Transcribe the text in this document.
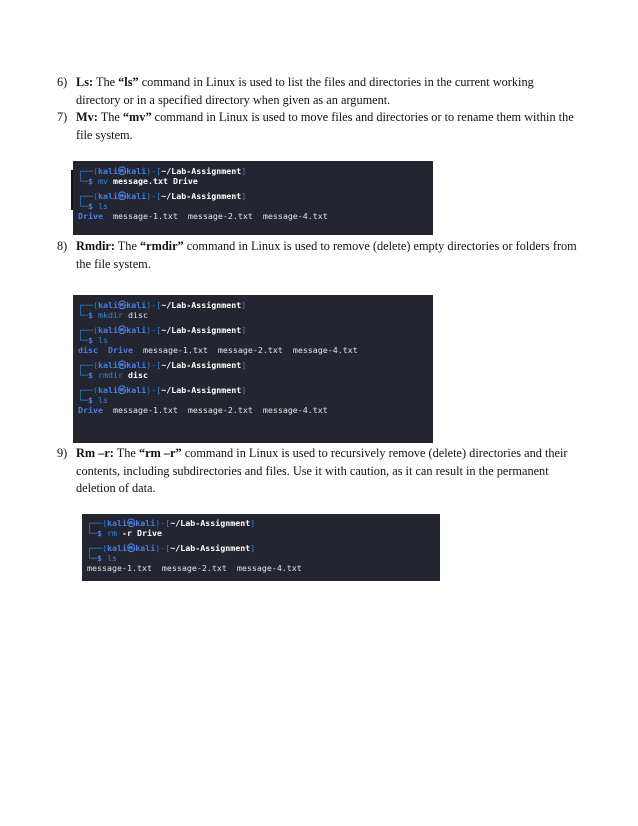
6) Ls: The “ls” command in Linux is used to list the files and directories in the current working directory or in a specified directory when given as an argument.
7) Mv: The “mv” command in Linux is used to move files and directories or to rename them within the file system.
┌──(kali㉿kali)-[~/Lab-Assignment]
└─$ mv message.txt Drive
┌──(kali㉿kali)-[~/Lab-Assignment]
└─$ ls
Drive message-1.txt  message-2.txt  message-4.txt
8) Rmdir: The “rmdir” command in Linux is used to remove (delete) empty directories or folders from the file system.
┌──(kali㉿kali)-[~/Lab-Assignment]
└─$ mkdir disc
┌──(kali㉿kali)-[~/Lab-Assignment]
└─$ ls
disc Drive message-1.txt  message-2.txt  message-4.txt
┌──(kali㉿kali)-[~/Lab-Assignment]
└─$ rmdir disc
┌──(kali㉿kali)-[~/Lab-Assignment]
└─$ ls
Drive message-1.txt  message-2.txt  message-4.txt
9) Rm –r: The “rm –r” command in Linux is used to recursively remove (delete) directories and their contents, including subdirectories and files. Use it with caution, as it can result in the permanent deletion of data.
┌──(kali㉿kali)-[~/Lab-Assignment]
└─$ rm -r Drive
┌──(kali㉿kali)-[~/Lab-Assignment]
└─$ ls
message-1.txt  message-2.txt  message-4.txt
